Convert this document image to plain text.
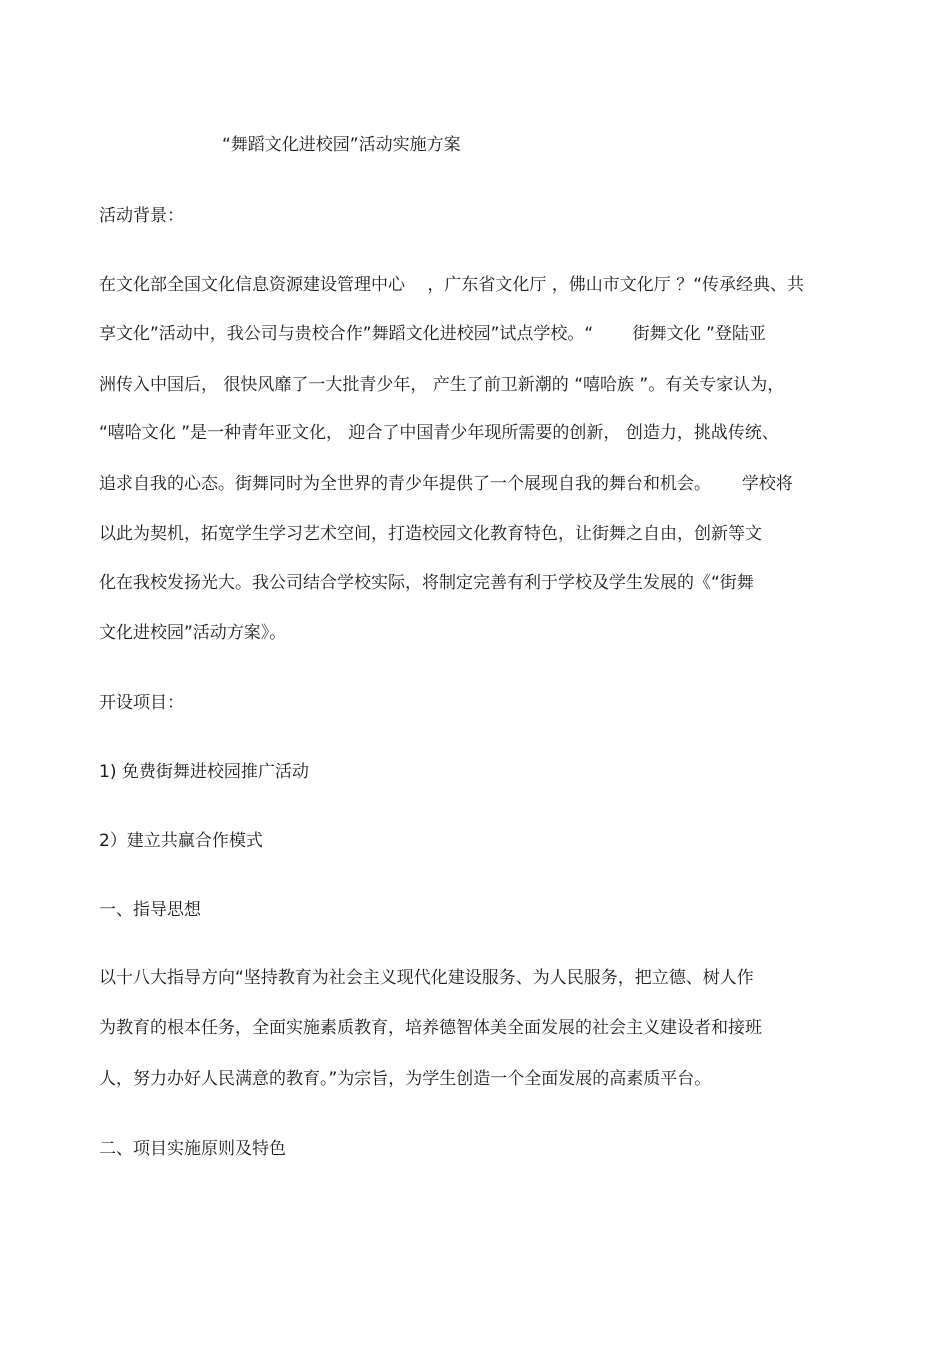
“舞蹈文化进校园”活动实施方案
活动背景：
在文化部全国文化信息资源建设管理中心　 ，广东省文化厅 ，佛山市文化厅 ？“传承经典、共
享文化”活动中，我公司与贵校合作”舞蹈文化进校园”试点学校。“　　 街舞文化 ”登陆亚
洲传入中国后， 很快风靡了一大批青少年， 产生了前卫新潮的 “嘻哈族 ”。有关专家认为，
“嘻哈文化 ”是一种青年亚文化， 迎合了中国青少年现所需要的创新， 创造力，挑战传统、
追求自我的心态。街舞同时为全世界的青少年提供了一个展现自我的舞台和机会。　　 学校将
以此为契机，拓宽学生学习艺术空间，打造校园文化教育特色，让街舞之自由，创新等文
化在我校发扬光大。我公司结合学校实际，将制定完善有利于学校及学生发展的《“街舞
文化进校园”活动方案》。
开设项目：
1) 免费街舞进校园推广活动
2）建立共赢合作模式
一、指导思想
以十八大指导方向“坚持教育为社会主义现代化建设服务、为人民服务，把立德、树人作
为教育的根本任务，全面实施素质教育，培养德智体美全面发展的社会主义建设者和接班
人，努力办好人民满意的教育。”为宗旨，为学生创造一个全面发展的高素质平台。
二、项目实施原则及特色
